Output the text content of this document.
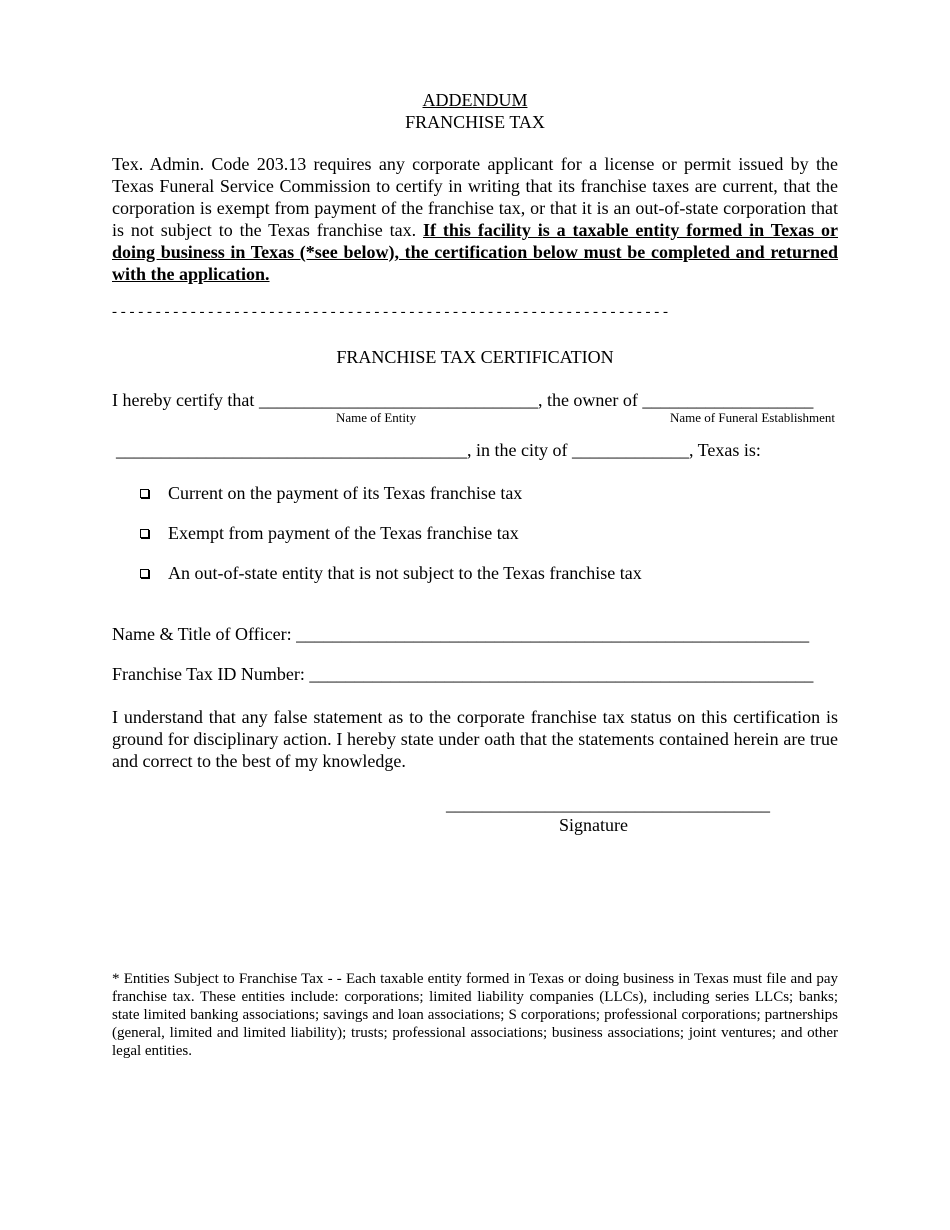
ADDENDUM
FRANCHISE TAX
Tex. Admin. Code 203.13 requires any corporate applicant for a license or permit issued by the Texas Funeral Service Commission to certify in writing that its franchise taxes are current, that the corporation is exempt from payment of the franchise tax, or that it is an out-of-state corporation that is not subject to the Texas franchise tax. If this facility is a taxable entity formed in Texas or doing business in Texas (*see below), the certification below must be completed and returned with the application.
- - - - - - - - - - - - - - - - - - - - - - - - - - - - - - - - - - - - - - - - - - - - - - - - - - - - - - - - - - - - - - - -
FRANCHISE TAX CERTIFICATION
I hereby certify that _______________________________, the owner of ___________________
Name of Entity	Name of Funeral Establishment
_______________________________________, in the city of _____________, Texas is:
Current on the payment of its Texas franchise tax
Exempt from payment of the Texas franchise tax
An out-of-state entity that is not subject to the Texas franchise tax
Name & Title of Officer: _________________________________________________________
Franchise Tax ID Number: ________________________________________________________
I understand that any false statement as to the corporate franchise tax status on this certification is ground for disciplinary action. I hereby state under oath that the statements contained herein are true and correct to the best of my knowledge.
____________________________________
Signature
* Entities Subject to Franchise Tax - - Each taxable entity formed in Texas or doing business in Texas must file and pay franchise tax. These entities include: corporations; limited liability companies (LLCs), including series LLCs; banks; state limited banking associations; savings and loan associations; S corporations; professional corporations; partnerships (general, limited and limited liability); trusts; professional associations; business associations; joint ventures; and other legal entities.
